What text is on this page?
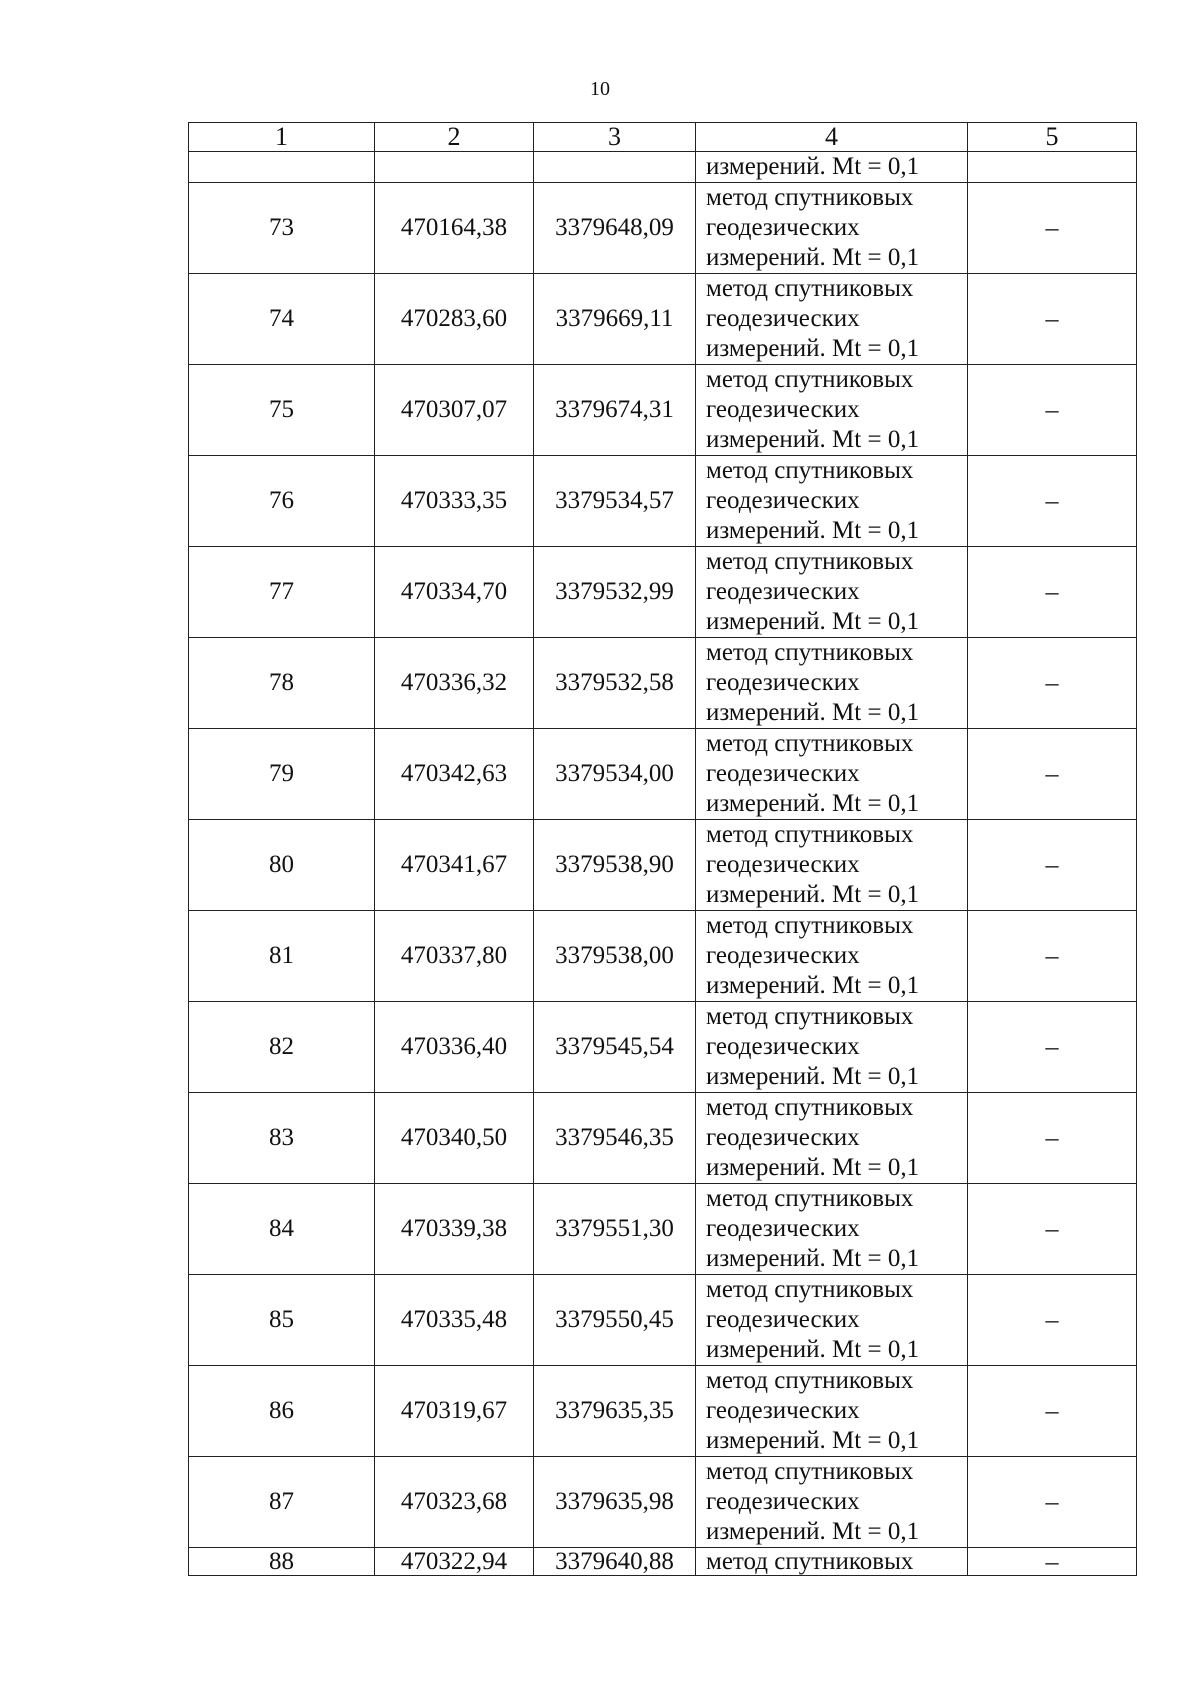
10
1	2	3	4	5
			измерений. Mt = 0,1	
73	470164,38	3379648,09	метод спутниковых
геодезических
измерений. Mt = 0,1	–
74	470283,60	3379669,11	метод спутниковых
геодезических
измерений. Mt = 0,1	–
75	470307,07	3379674,31	метод спутниковых
геодезических
измерений. Mt = 0,1	–
76	470333,35	3379534,57	метод спутниковых
геодезических
измерений. Mt = 0,1	–
77	470334,70	3379532,99	метод спутниковых
геодезических
измерений. Mt = 0,1	–
78	470336,32	3379532,58	метод спутниковых
геодезических
измерений. Mt = 0,1	–
79	470342,63	3379534,00	метод спутниковых
геодезических
измерений. Mt = 0,1	–
80	470341,67	3379538,90	метод спутниковых
геодезических
измерений. Mt = 0,1	–
81	470337,80	3379538,00	метод спутниковых
геодезических
измерений. Mt = 0,1	–
82	470336,40	3379545,54	метод спутниковых
геодезических
измерений. Mt = 0,1	–
83	470340,50	3379546,35	метод спутниковых
геодезических
измерений. Mt = 0,1	–
84	470339,38	3379551,30	метод спутниковых
геодезических
измерений. Mt = 0,1	–
85	470335,48	3379550,45	метод спутниковых
геодезических
измерений. Mt = 0,1	–
86	470319,67	3379635,35	метод спутниковых
геодезических
измерений. Mt = 0,1	–
87	470323,68	3379635,98	метод спутниковых
геодезических
измерений. Mt = 0,1	–
88	470322,94	3379640,88	метод спутниковых	–
